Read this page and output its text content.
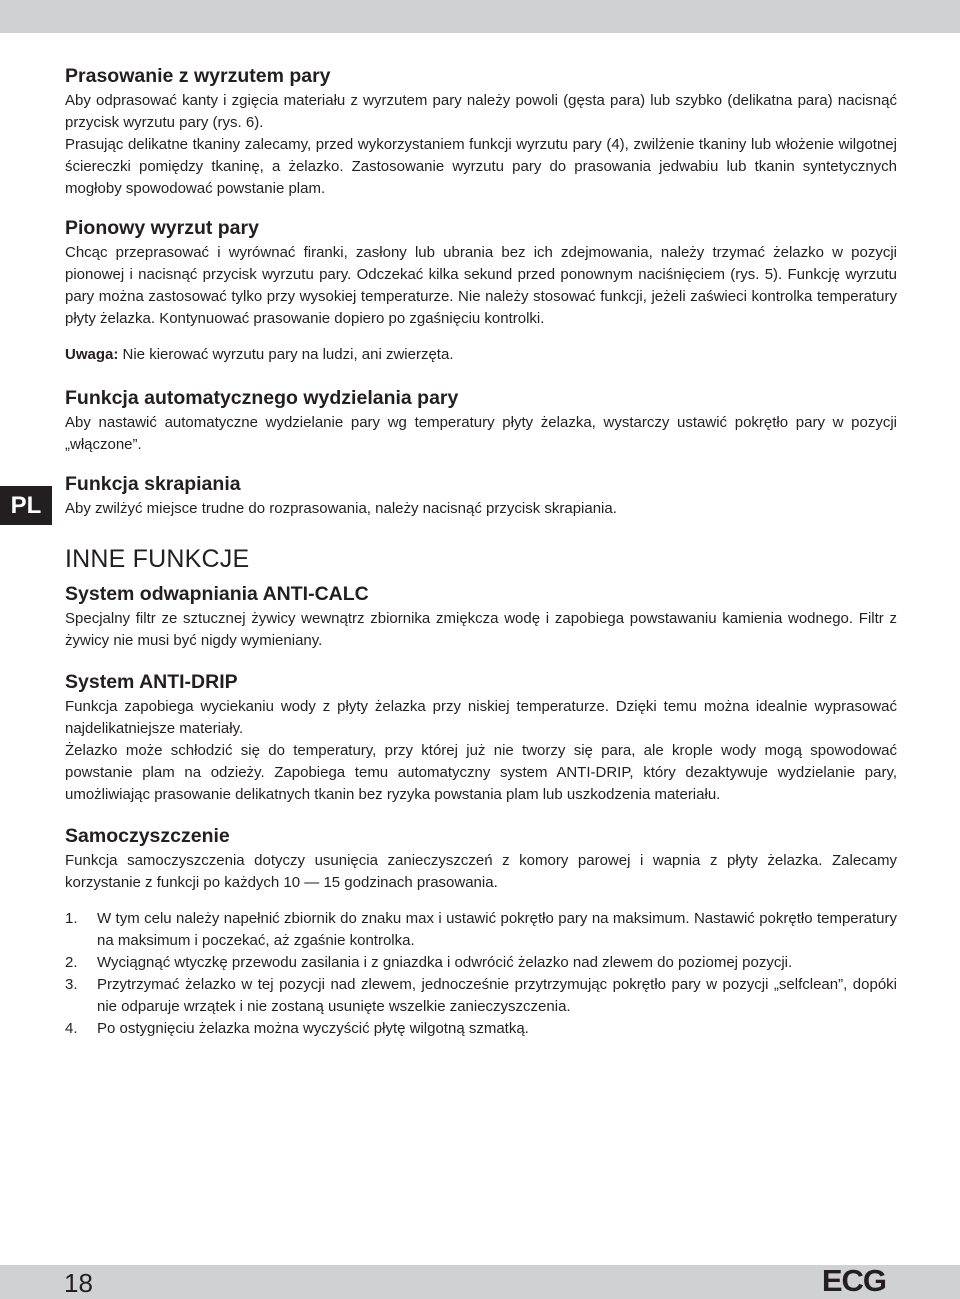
PL
Prasowanie z wyrzutem pary

Aby odprasować kanty i zgięcia materiału z wyrzutem pary należy powoli (gęsta para) lub szybko (delikatna para) nacisnąć przycisk wyrzutu pary (rys. 6).

Prasując delikatne tkaniny zalecamy, przed wykorzystaniem funkcji wyrzutu pary (4), zwilżenie tkaniny lub włożenie wilgotnej ściereczki pomiędzy tkaninę, a żelazko. Zastosowanie wyrzutu pary do prasowania jedwabiu lub tkanin syntetycznych mogłoby spowodować powstanie plam.

Pionowy wyrzut pary

Chcąc przeprasować i wyrównać firanki, zasłony lub ubrania bez ich zdejmowania, należy trzymać żelazko w pozycji pionowej i nacisnąć przycisk wyrzutu pary. Odczekać kilka sekund przed ponownym naciśnięciem (rys. 5). Funkcję wyrzutu pary można zastosować tylko przy wysokiej temperaturze. Nie należy stosować funkcji, jeżeli zaświeci kontrolka temperatury płyty żelazka. Kontynuować prasowanie dopiero po zgaśnięciu kontrolki.

Uwaga: Nie kierować wyrzutu pary na ludzi, ani zwierzęta.

Funkcja automatycznego wydzielania pary

Aby nastawić automatyczne wydzielanie pary wg temperatury płyty żelazka, wystarczy ustawić pokrętło pary w pozycji „włączone”.

Funkcja skrapiania

Aby zwilżyć miejsce trudne do rozprasowania, należy nacisnąć przycisk skrapiania.

INNE FUNKCJE
System odwapniania ANTI-CALC

Specjalny filtr ze sztucznej żywicy wewnątrz zbiornika zmiękcza wodę i zapobiega powstawaniu kamienia wodnego. Filtr z żywicy nie musi być nigdy wymieniany.

System ANTI-DRIP

Funkcja zapobiega wyciekaniu wody z płyty żelazka przy niskiej temperaturze. Dzięki temu można idealnie wyprasować najdelikatniejsze materiały.

Żelazko może schłodzić się do temperatury, przy której już nie tworzy się para, ale krople wody mogą spowodować powstanie plam na odzieży. Zapobiega temu automatyczny system ANTI-DRIP, który dezaktywuje wydzielanie pary, umożliwiając prasowanie delikatnych tkanin bez ryzyka powstania plam lub uszkodzenia materiału.

Samoczyszczenie

Funkcja samoczyszczenia dotyczy usunięcia zanieczyszczeń z komory parowej i wapnia z płyty żelazka. Zalecamy korzystanie z funkcji po każdych 10 — 15 godzinach prasowania.

1.	W tym celu należy napełnić zbiornik do znaku max i ustawić pokrętło pary na maksimum. Nastawić pokrętło temperatury na maksimum i poczekać, aż zgaśnie kontrolka.
2.	Wyciągnąć wtyczkę przewodu zasilania i z gniazdka i odwrócić żelazko nad zlewem do poziomej pozycji.
3.	Przytrzymać żelazko w tej pozycji nad zlewem, jednocześnie przytrzymując pokrętło pary w pozycji „selfclean”, dopóki nie odparuje wrzątek i nie zostaną usunięte wszelkie zanieczyszczenia.
4.	Po ostygnięciu żelazka można wyczyścić płytę wilgotną szmatką.
18	ECG
